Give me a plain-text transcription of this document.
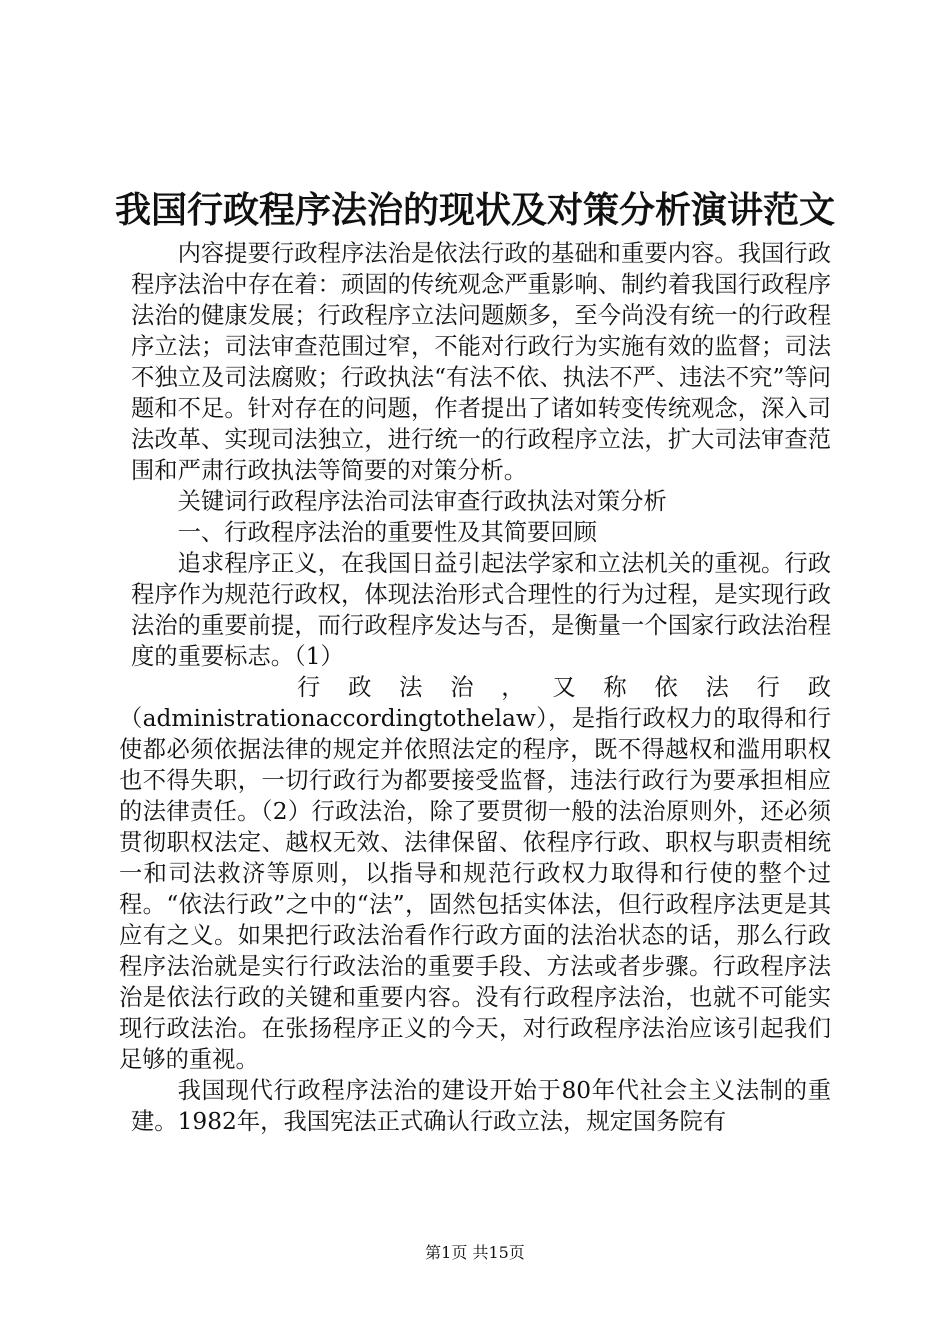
我国行政程序法治的现状及对策分析演讲范文

内容提要行政程序法治是依法行政的基础和重要内容。我国行政程序法治中存在着：顽固的传统观念严重影响、制约着我国行政程序法治的健康发展；行政程序立法问题颇多，至今尚没有统一的行政程序立法；司法审查范围过窄，不能对行政行为实施有效的监督；司法不独立及司法腐败；行政执法“有法不依、执法不严、违法不究”等问题和不足。针对存在的问题，作者提出了诸如转变传统观念，深入司法改革、实现司法独立，进行统一的行政程序立法，扩大司法审查范围和严肃行政执法等简要的对策分析。

关键词行政程序法治司法审查行政执法对策分析

一、行政程序法治的重要性及其简要回顾

追求程序正义，在我国日益引起法学家和立法机关的重视。行政程序作为规范行政权，体现法治形式合理性的行为过程，是实现行政法治的重要前提，而行政程序发达与否，是衡量一个国家行政法治程度的重要标志。（1）

行政法治，又称依法行政

（administrationaccordingtothelaw），是指行政权力的取得和行使都必须依据法律的规定并依照法定的程序，既不得越权和滥用职权也不得失职，一切行政行为都要接受监督，违法行政行为要承担相应的法律责任。（2）行政法治，除了要贯彻一般的法治原则外，还必须贯彻职权法定、越权无效、法律保留、依程序行政、职权与职责相统一和司法救济等原则，以指导和规范行政权力取得和行使的整个过程。“依法行政”之中的“法”，固然包括实体法，但行政程序法更是其应有之义。如果把行政法治看作行政方面的法治状态的话，那么行政程序法治就是实行行政法治的重要手段、方法或者步骤。行政程序法治是依法行政的关键和重要内容。没有行政程序法治，也就不可能实现行政法治。在张扬程序正义的今天，对行政程序法治应该引起我们足够的重视。

我国现代行政程序法治的建设开始于80年代社会主义法制的重建。1982年，我国宪法正式确认行政立法，规定国务院有

第1页 共15页
